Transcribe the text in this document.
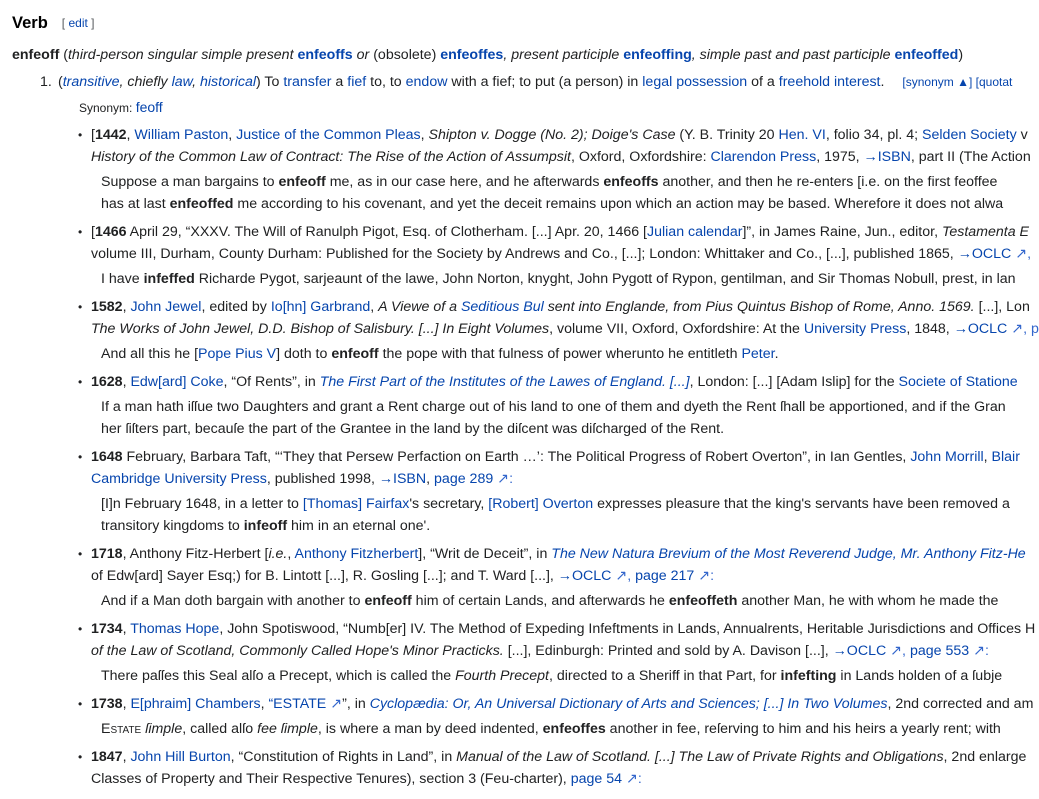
Verb [ edit ]
enfeoff (third-person singular simple present enfeoffs or (obsolete) enfeoffes, present participle enfeoffing, simple past and past participle enfeoffed)
1. (transitive, chiefly law, historical) To transfer a fief to, to endow with a fief; to put (a person) in legal possession of a freehold interest. [synonym ▲] [quotat
Synonym: feoff
• [1442, William Paston, Justice of the Common Pleas, Shipton v. Dogge (No. 2); Doige's Case (Y. B. Trinity 20 Hen. VI, folio 34, pl. 4; Selden Society v
History of the Common Law of Contract: The Rise of the Action of Assumpsit, Oxford, Oxfordshire: Clarendon Press, 1975, →ISBN, part II (The Action
Suppose a man bargains to enfeoff me, as in our case here, and he afterwards enfeoffs another, and then he re-enters [i.e. on the first feoffee
has at last enfeoffed me according to his covenant, and yet the deceit remains upon which an action may be based. Wherefore it does not alwa
• [1466 April 29, “XXXV. The Will of Ranulph Pigot, Esq. of Clotherham. [...] Apr. 20, 1466 [Julian calendar]”, in James Raine, Jun., editor, Testamenta E
volume III, Durham, County Durham: Published for the Society by Andrews and Co., [...]; London: Whittaker and Co., [...], published 1865, →OCLC ↗,
I have infeffed Richarde Pygot, sarjeaunt of the lawe, John Norton, knyght, John Pygott of Rypon, gentilman, and Sir Thomas Nobull, prest, in lan
• 1582, John Jewel, edited by Io[hn] Garbrand, A Viewe of a Seditious Bul sent into Englande, from Pius Quintus Bishop of Rome, Anno. 1569. [...], Lon
The Works of John Jewel, D.D. Bishop of Salisbury. [...] In Eight Volumes, volume VII, Oxford, Oxfordshire: At the University Press, 1848, →OCLC ↗, p
And all this he [Pope Pius V] doth to enfeoff the pope with that fulness of power wherunto he entitleth Peter.
• 1628, Edw[ard] Coke, “Of Rents”, in The First Part of the Institutes of the Lawes of England. [...], London: [...] [Adam Islip] for the Societe of Statione
If a man hath iſſue two Daughters and grant a Rent charge out of his land to one of them and dyeth the Rent ſhall be apportioned, and if the Gran
her ſiſters part, becauſe the part of the Grantee in the land by the diſcent was diſcharged of the Rent.
• 1648 February, Barbara Taft, “‘They that Persew Perfaction on Earth …’: The Political Progress of Robert Overton”, in Ian Gentles, John Morrill, Blair
Cambridge University Press, published 1998, →ISBN, page 289 ↗:
[I]n February 1648, in a letter to [Thomas] Fairfax's secretary, [Robert] Overton expresses pleasure that the king's servants have been removed a
transitory kingdoms to infeoff him in an eternal one'.
• 1718, Anthony Fitz-Herbert [i.e., Anthony Fitzherbert], “Writ de Deceit”, in The New Natura Brevium of the Most Reverend Judge, Mr. Anthony Fitz-He
of Edw[ard] Sayer Esq;) for B. Lintott [...], R. Gosling [...]; and T. Ward [...], →OCLC ↗, page 217 ↗:
And if a Man doth bargain with another to enfeoff him of certain Lands, and afterwards he enfeoffeth another Man, he with whom he made the
• 1734, Thomas Hope, John Spotiswood, “Numb[er] IV. The Method of Expeding Infeftments in Lands, Annualrents, Heritable Jurisdictions and Offices H
of the Law of Scotland, Commonly Called Hope's Minor Practicks. [...], Edinburgh: Printed and sold by A. Davison [...], →OCLC ↗, page 553 ↗:
There paſſes this Seal alſo a Precept, which is called the Fourth Precept, directed to a Sheriff in that Part, for infefting in Lands holden of a ſubje
• 1738, E[phraim] Chambers, “ESTATE ↗”, in Cyclopædia: Or, An Universal Dictionary of Arts and Sciences; [...] In Two Volumes, 2nd corrected and am
Estate ſimple, called alſo fee ſimple, is where a man by deed indented, enfeoffes another in fee, reſerving to him and his heirs a yearly rent; with
• 1847, John Hill Burton, “Constitution of Rights in Land”, in Manual of the Law of Scotland. [...] The Law of Private Rights and Obligations, 2nd enlarge
Classes of Property and Their Respective Tenures), section 3 (Feu-charter), page 54 ↗:
